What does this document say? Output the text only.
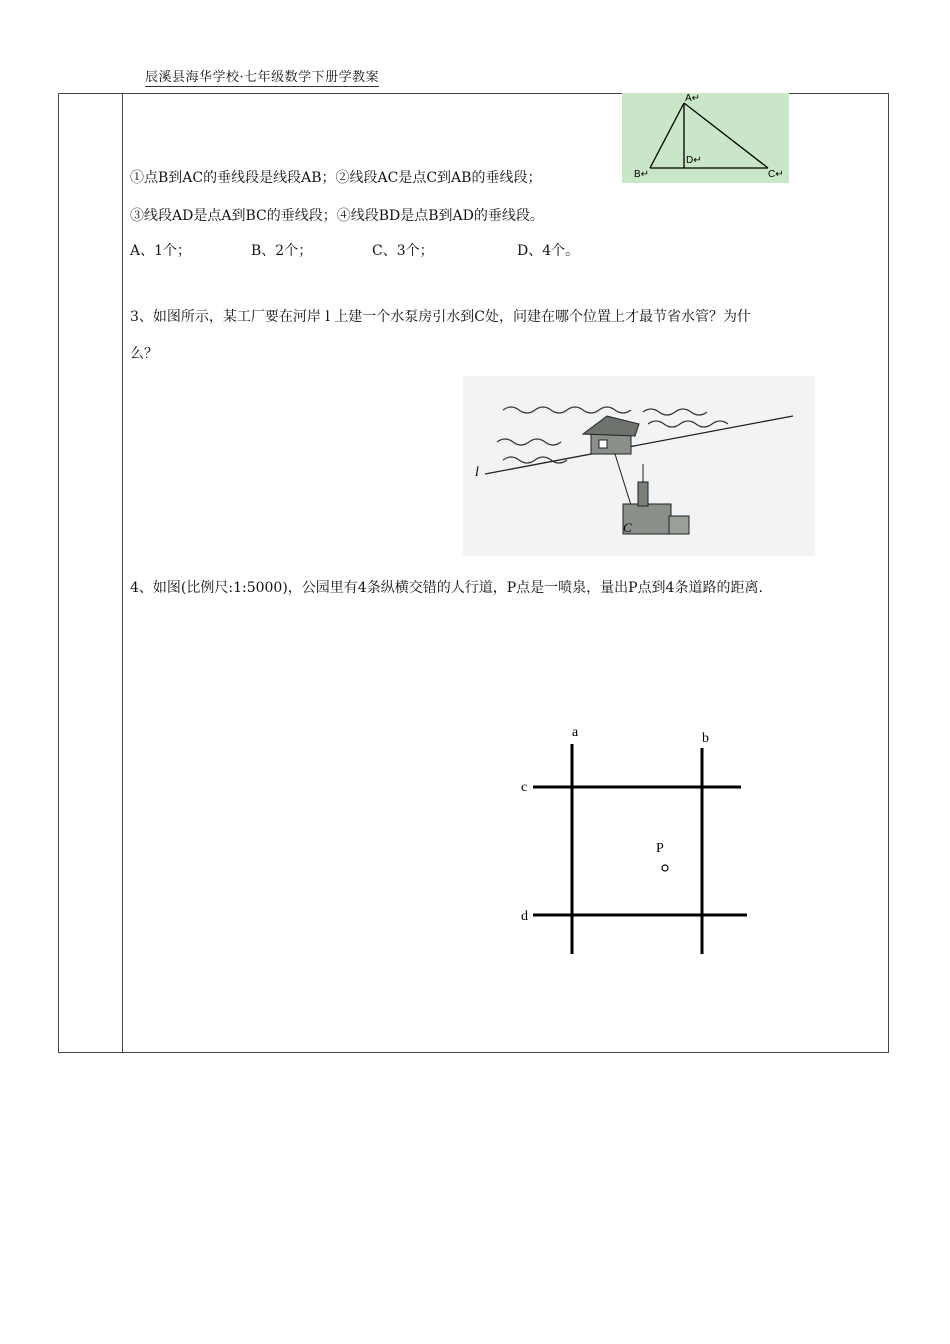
辰溪县海华学校·七年级数学下册学教案
A↵
D↵
B↵	C↵
①点B到AC的垂线段是线段AB；②线段AC是点C到AB的垂线段；
③线段AD是点A到BC的垂线段；④线段BD是点B到AD的垂线段。
A、1个；	B、2个；	C、3个；	D、4个。
3、如图所示，某工厂要在河岸 l 上建一个水泵房引水到C处，问建在哪个位置上才最节省水管？为什
么？
l
C
4、如图(比例尺:1:5000)，公园里有4条纵横交错的人行道，P点是一喷泉，量出P点到4条道路的距离.
a	b
c
d
P
